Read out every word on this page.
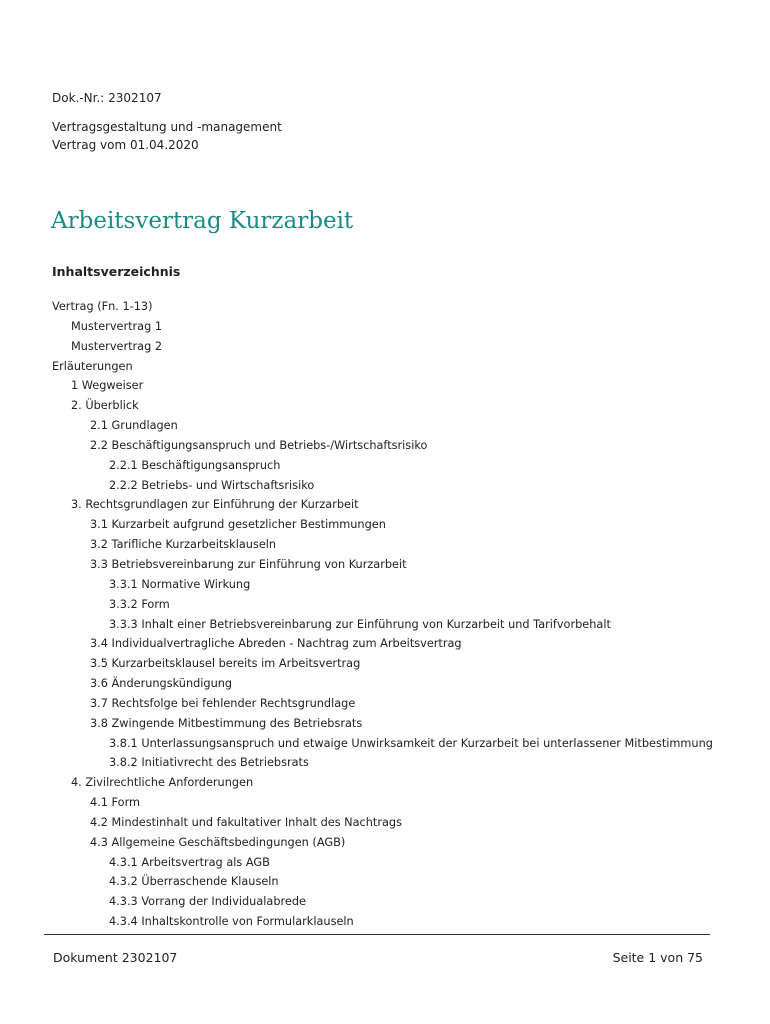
Dok.-Nr.: 2302107
Vertragsgestaltung und -management
Vertrag vom 01.04.2020
Arbeitsvertrag Kurzarbeit
Inhaltsverzeichnis
Vertrag (Fn. 1-13)
Mustervertrag 1
Mustervertrag 2
Erläuterungen
1 Wegweiser
2. Überblick
2.1 Grundlagen
2.2 Beschäftigungsanspruch und Betriebs-/Wirtschaftsrisiko
2.2.1 Beschäftigungsanspruch
2.2.2 Betriebs- und Wirtschaftsrisiko
3. Rechtsgrundlagen zur Einführung der Kurzarbeit
3.1 Kurzarbeit aufgrund gesetzlicher Bestimmungen
3.2 Tarifliche Kurzarbeitsklauseln
3.3 Betriebsvereinbarung zur Einführung von Kurzarbeit
3.3.1 Normative Wirkung
3.3.2 Form
3.3.3 Inhalt einer Betriebsvereinbarung zur Einführung von Kurzarbeit und Tarifvorbehalt
3.4 Individualvertragliche Abreden - Nachtrag zum Arbeitsvertrag
3.5 Kurzarbeitsklausel bereits im Arbeitsvertrag
3.6 Änderungskündigung
3.7 Rechtsfolge bei fehlender Rechtsgrundlage
3.8 Zwingende Mitbestimmung des Betriebsrats
3.8.1 Unterlassungsanspruch und etwaige Unwirksamkeit der Kurzarbeit bei unterlassener Mitbestimmung
3.8.2 Initiativrecht des Betriebsrats
4. Zivilrechtliche Anforderungen
4.1 Form
4.2 Mindestinhalt und fakultativer Inhalt des Nachtrags
4.3 Allgemeine Geschäftsbedingungen (AGB)
4.3.1 Arbeitsvertrag als AGB
4.3.2 Überraschende Klauseln
4.3.3 Vorrang der Individualabrede
4.3.4 Inhaltskontrolle von Formularklauseln
Dokument 2302107	Seite 1 von 75
